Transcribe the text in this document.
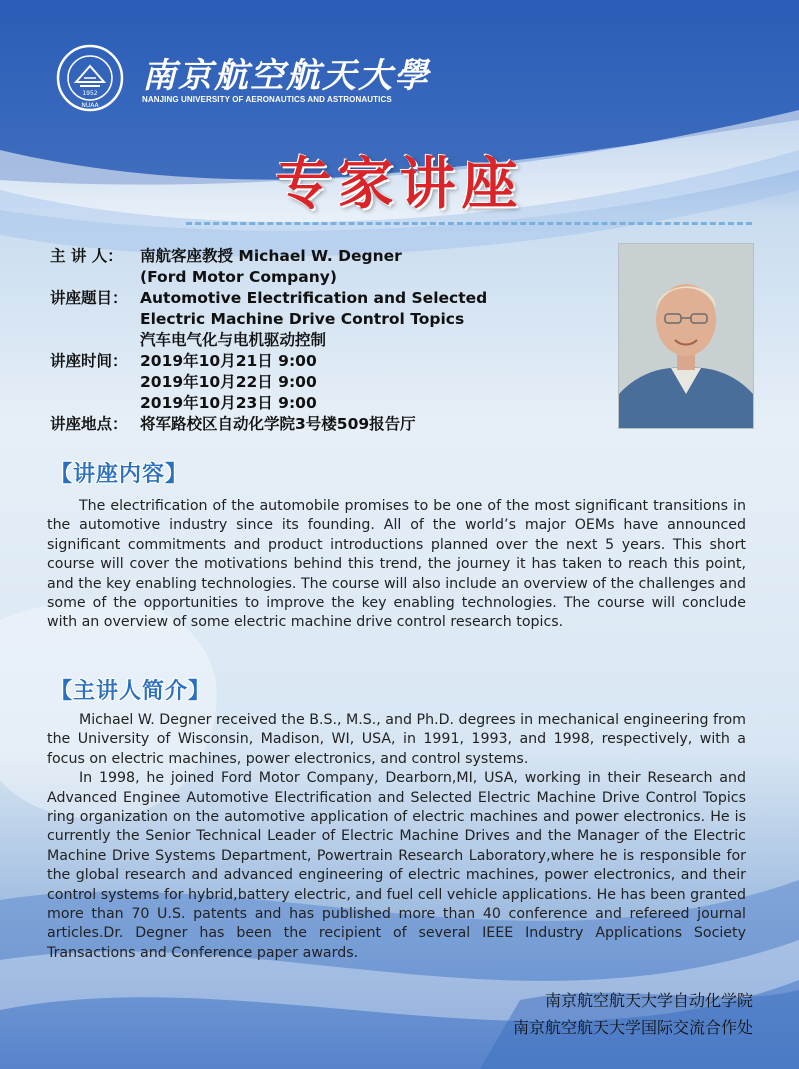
1952
NUAA
南京航空航天大學
NANJING UNIVERSITY OF AERONAUTICS AND ASTRONAUTICS
专家讲座
主 讲 人：	南航客座教授 Michael W. Degner
(Ford Motor Company)
讲座题目： Automotive Electrification and Selected
Electric Machine Drive Control Topics
汽车电气化与电机驱动控制
讲座时间： 2019年10月21日 9:00
2019年10月22日 9:00
2019年10月23日 9:00
讲座地点： 将军路校区自动化学院3号楼509报告厅
【讲座内容】

The electrification of the automobile promises to be one of the most significant transitions in the automotive industry since its founding. All of the world’s major OEMs have announced significant commitments and product introductions planned over the next 5 years. This short course will cover the motivations behind this trend, the journey it has taken to reach this point, and the key enabling technologies. The course will also include an overview of the challenges and some of the opportunities to improve the key enabling technologies. The course will conclude with an overview of some electric machine drive control research topics.

【主讲人简介】

Michael W. Degner received the B.S., M.S., and Ph.D. degrees in mechanical engineering from the University of Wisconsin, Madison, WI, USA, in 1991, 1993, and 1998, respectively, with a focus on electric machines, power electronics, and control systems.

In 1998, he joined Ford Motor Company, Dearborn,MI, USA, working in their Research and Advanced Enginee Automotive Electrification and Selected Electric Machine Drive Control Topics ring organization on the automotive application of electric machines and power electronics. He is currently the Senior Technical Leader of Electric Machine Drives and the Manager of the Electric Machine Drive Systems Department, Powertrain Research Laboratory,where he is responsible for the global research and advanced engineering of electric machines, power electronics, and their control systems for hybrid,battery electric, and fuel cell vehicle applications. He has been granted more than 70 U.S. patents and has published more than 40 conference and refereed journal articles.Dr. Degner has been the recipient of several IEEE Industry Applications Society Transactions and Conference paper awards.

南京航空航天大学自动化学院
南京航空航天大学国际交流合作处
